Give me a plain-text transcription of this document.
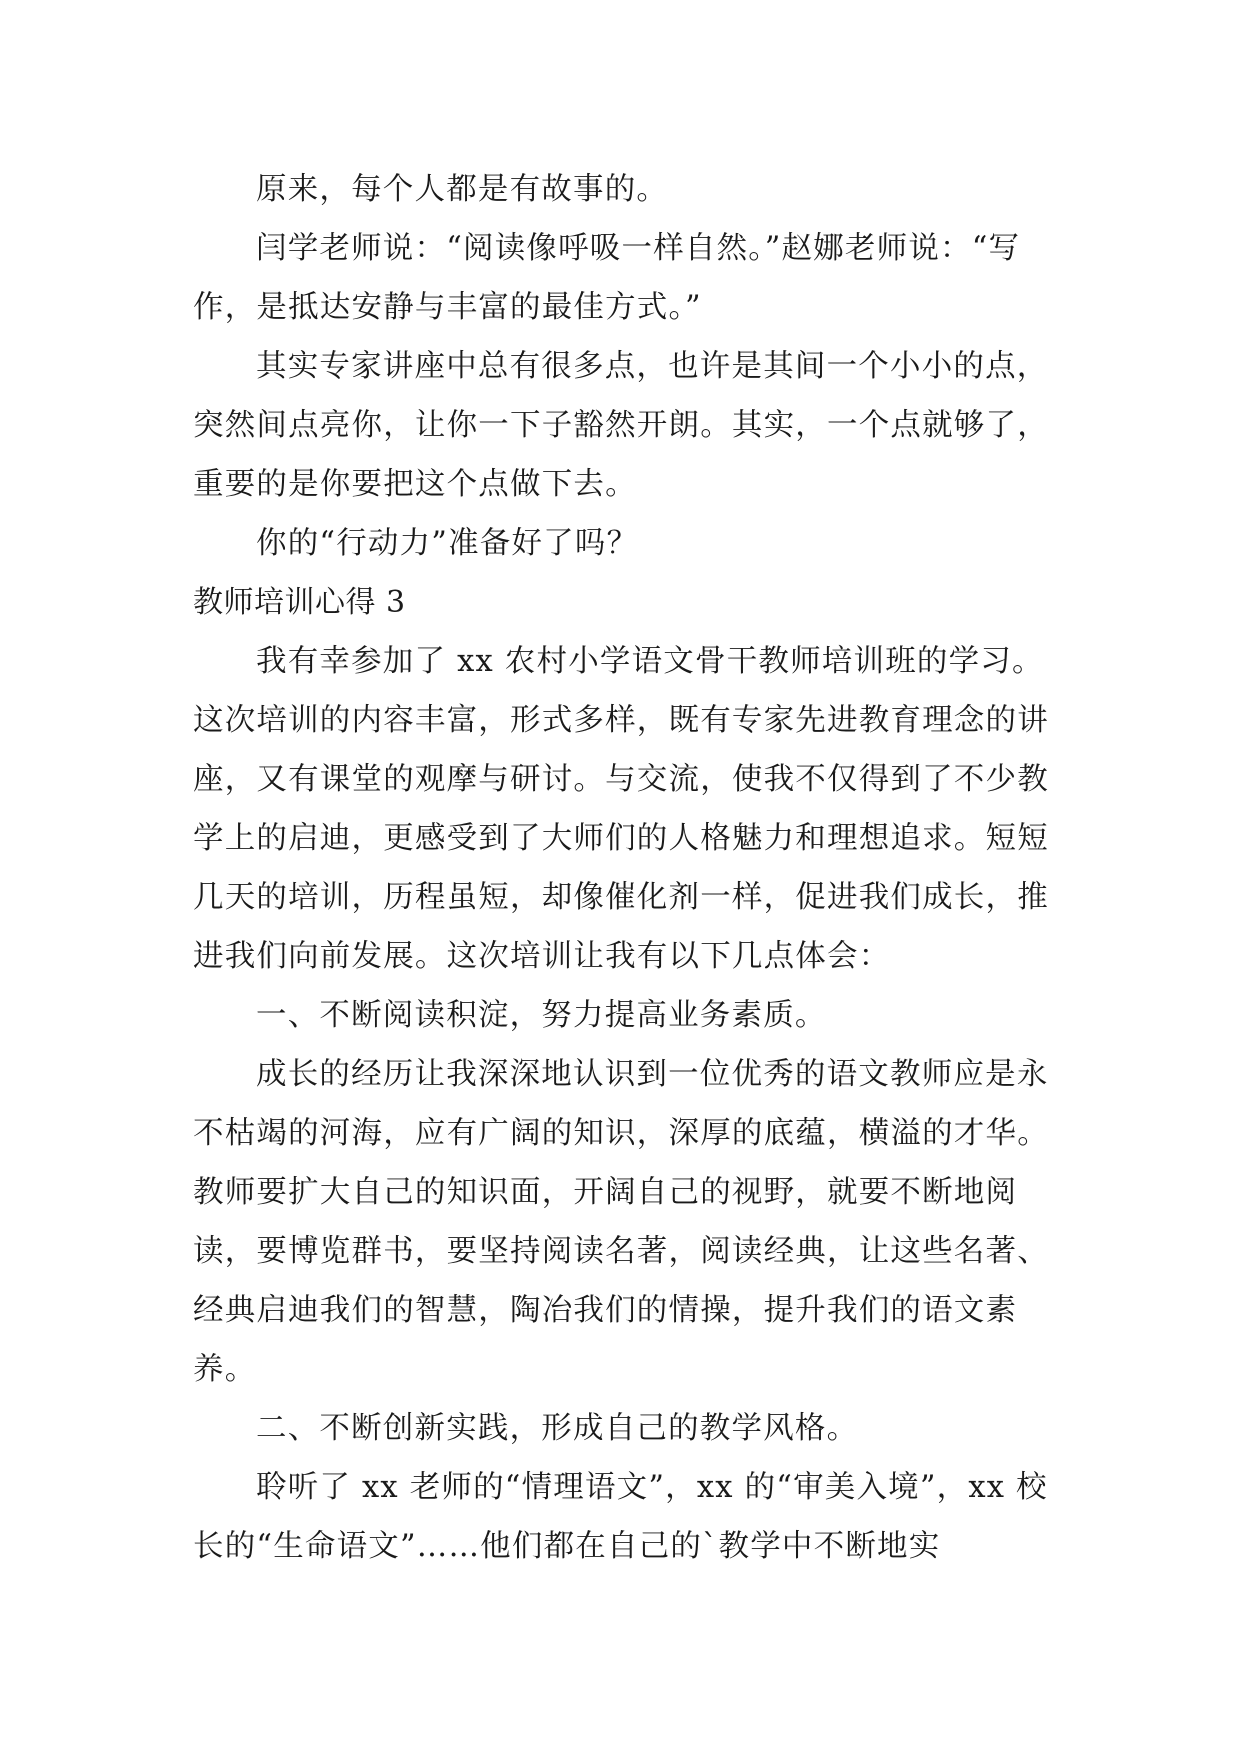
原来，每个人都是有故事的。

闫学老师说：“阅读像呼吸一样自然。”赵娜老师说：“写作，是抵达安静与丰富的最佳方式。”

其实专家讲座中总有很多点，也许是其间一个小小的点，突然间点亮你，让你一下子豁然开朗。其实，一个点就够了，重要的是你要把这个点做下去。

你的“行动力”准备好了吗？

教师培训心得 3

我有幸参加了 xx 农村小学语文骨干教师培训班的学习。这次培训的内容丰富，形式多样，既有专家先进教育理念的讲座，又有课堂的观摩与研讨。与交流，使我不仅得到了不少教学上的启迪，更感受到了大师们的人格魅力和理想追求。短短几天的培训，历程虽短，却像催化剂一样，促进我们成长，推进我们向前发展。这次培训让我有以下几点体会：

一、不断阅读积淀，努力提高业务素质。

成长的经历让我深深地认识到一位优秀的语文教师应是永不枯竭的河海，应有广阔的知识，深厚的底蕴，横溢的才华。教师要扩大自己的知识面，开阔自己的视野，就要不断地阅读，要博览群书，要坚持阅读名著，阅读经典，让这些名著、经典启迪我们的智慧，陶冶我们的情操，提升我们的语文素养。

二、不断创新实践，形成自己的教学风格。

聆听了 xx 老师的“情理语文”，xx 的“审美入境”，xx 校长的“生命语文”……他们都在自己的`教学中不断地实
